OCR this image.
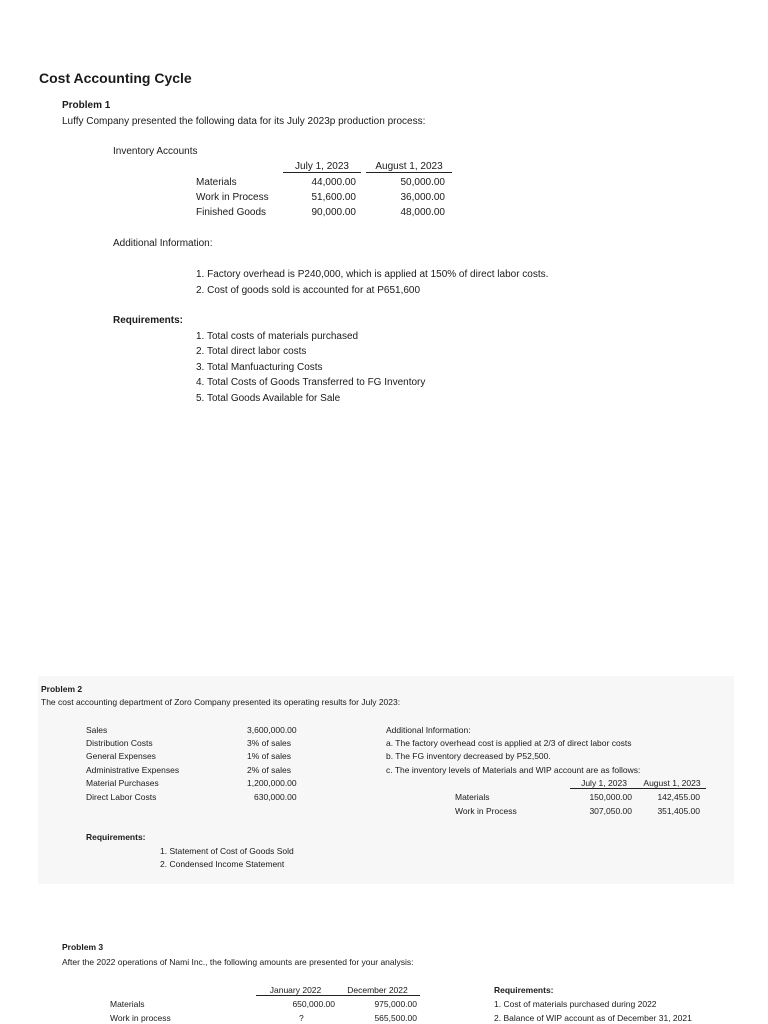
Cost Accounting Cycle
Problem 1
Luffy Company presented the following data for its July 2023p production process:
Inventory Accounts
July 1, 2023	August 1, 2023
Materials	44,000.00	50,000.00
Work in Process	51,600.00	36,000.00
Finished Goods	90,000.00	48,000.00
Additional Information:
1. Factory overhead is P240,000, which is applied at 150% of direct labor costs.
2. Cost of goods sold is accounted for at P651,600
Requirements:
1. Total costs of materials purchased
2. Total direct labor costs
3. Total Manfuacturing Costs
4. Total Costs of Goods Transferred to FG Inventory
5. Total Goods Available for Sale
Problem 2
The cost accounting department of Zoro Company presented its operating results for July 2023:
Sales	3,600,000.00
Distribution Costs	3% of sales
General Expenses	1% of sales
Administrative Expenses	2% of sales
Material Purchases	1,200,000.00
Direct Labor Costs	630,000.00
Additional Information:
a. The factory overhead cost is applied at 2/3 of direct labor costs
b. The FG inventory decreased by P52,500.
c. The inventory levels of Materials and WIP account are as follows:
July 1, 2023	August 1, 2023
Materials	150,000.00	142,455.00
Work in Process	307,050.00	351,405.00
Requirements:
1. Statement of Cost of Goods Sold
2. Condensed Income Statement
Problem 3
After the 2022 operations of Nami Inc., the following amounts are presented for your analysis:
January 2022	December 2022
Materials	650,000.00	975,000.00
Work in process	?	565,500.00
Requirements:
1. Cost of materials purchased during 2022
2. Balance of WIP account as of December 31, 2021
